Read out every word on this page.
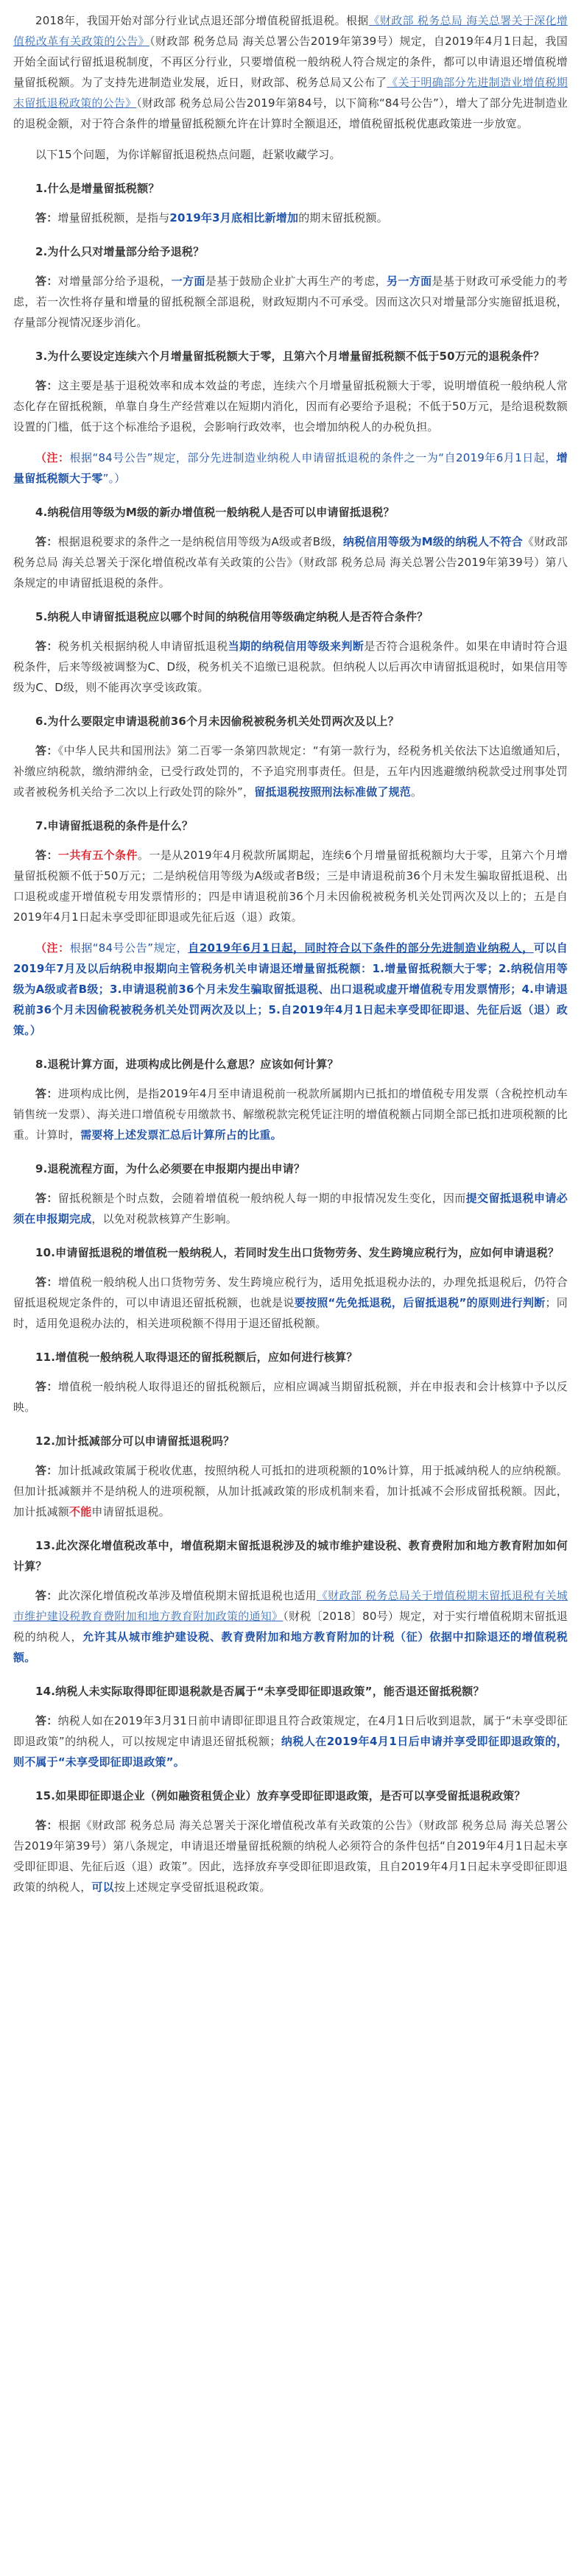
2018年，我国开始对部分行业试点退还部分增值税留抵退税。根据《财政部 税务总局 海关总署关于深化增值税改革有关政策的公告》（财政部 税务总局 海关总署公告2019年第39号）规定，自2019年4月1日起，我国开始全面试行留抵退税制度，不再区分行业，只要增值税一般纳税人符合规定的条件，都可以申请退还增值税增量留抵税额。为了支持先进制造业发展，近日，财政部、税务总局又公布了《关于明确部分先进制造业增值税期末留抵退税政策的公告》（财政部 税务总局公告2019年第84号，以下简称“84号公告”），增大了部分先进制造业的退税金额，对于符合条件的增量留抵税额允许在计算时全额退还，增值税留抵税优惠政策进一步放宽。

以下15个问题，为你详解留抵退税热点问题，赶紧收藏学习。

1.什么是增量留抵税额？

答：增量留抵税额，是指与2019年3月底相比新增加的期末留抵税额。

2.为什么只对增量部分给予退税？

答：对增量部分给予退税，一方面是基于鼓励企业扩大再生产的考虑，另一方面是基于财政可承受能力的考虑，若一次性将存量和增量的留抵税额全部退税，财政短期内不可承受。因而这次只对增量部分实施留抵退税，存量部分视情况逐步消化。

3.为什么要设定连续六个月增量留抵税额大于零，且第六个月增量留抵税额不低于50万元的退税条件？

答：这主要是基于退税效率和成本效益的考虑，连续六个月增量留抵税额大于零，说明增值税一般纳税人常态化存在留抵税额，单靠自身生产经营难以在短期内消化，因而有必要给予退税；不低于50万元，是给退税数额设置的门槛，低于这个标准给予退税，会影响行政效率，也会增加纳税人的办税负担。

（注：根据“84号公告”规定，部分先进制造业纳税人申请留抵退税的条件之一为“自2019年6月1日起，增量留抵税额大于零”。）

4.纳税信用等级为M级的新办增值税一般纳税人是否可以申请留抵退税？

答：根据退税要求的条件之一是纳税信用等级为A级或者B级，纳税信用等级为M级的纳税人不符合《财政部 税务总局 海关总署关于深化增值税改革有关政策的公告》（财政部 税务总局 海关总署公告2019年第39号）第八条规定的申请留抵退税的条件。

5.纳税人申请留抵退税应以哪个时间的纳税信用等级确定纳税人是否符合条件？

答：税务机关根据纳税人申请留抵退税当期的纳税信用等级来判断是否符合退税条件。如果在申请时符合退税条件，后来等级被调整为C、D级，税务机关不追缴已退税款。但纳税人以后再次申请留抵退税时，如果信用等级为C、D级，则不能再次享受该政策。

6.为什么要限定申请退税前36个月未因偷税被税务机关处罚两次及以上？

答：《中华人民共和国刑法》第二百零一条第四款规定：“有第一款行为，经税务机关依法下达追缴通知后，补缴应纳税款，缴纳滞纳金，已受行政处罚的，不予追究刑事责任。但是，五年内因逃避缴纳税款受过刑事处罚或者被税务机关给予二次以上行政处罚的除外”，留抵退税按照刑法标准做了规范。

7.申请留抵退税的条件是什么？

答：一共有五个条件。一是从2019年4月税款所属期起，连续6个月增量留抵税额均大于零，且第六个月增量留抵税额不低于50万元；二是纳税信用等级为A级或者B级；三是申请退税前36个月未发生骗取留抵退税、出口退税或虚开增值税专用发票情形的；四是申请退税前36个月未因偷税被税务机关处罚两次及以上的；五是自2019年4月1日起未享受即征即退或先征后返（退）政策。

（注：根据“84号公告”规定，自2019年6月1日起，同时符合以下条件的部分先进制造业纳税人，可以自2019年7月及以后纳税申报期向主管税务机关申请退还增量留抵税额：1.增量留抵税额大于零；2.纳税信用等级为A级或者B级；3.申请退税前36个月未发生骗取留抵退税、出口退税或虚开增值税专用发票情形；4.申请退税前36个月未因偷税被税务机关处罚两次及以上；5.自2019年4月1日起未享受即征即退、先征后返（退）政策。）

8.退税计算方面，进项构成比例是什么意思？应该如何计算？

答：进项构成比例，是指2019年4月至申请退税前一税款所属期内已抵扣的增值税专用发票（含税控机动车销售统一发票）、海关进口增值税专用缴款书、解缴税款完税凭证注明的增值税额占同期全部已抵扣进项税额的比重。计算时，需要将上述发票汇总后计算所占的比重。

9.退税流程方面，为什么必须要在申报期内提出申请？

答：留抵税额是个时点数，会随着增值税一般纳税人每一期的申报情况发生变化，因而提交留抵退税申请必须在申报期完成，以免对税款核算产生影响。

10.申请留抵退税的增值税一般纳税人，若同时发生出口货物劳务、发生跨境应税行为，应如何申请退税？

答：增值税一般纳税人出口货物劳务、发生跨境应税行为，适用免抵退税办法的，办理免抵退税后，仍符合留抵退税规定条件的，可以申请退还留抵税额，也就是说要按照“先免抵退税，后留抵退税”的原则进行判断；同时，适用免退税办法的，相关进项税额不得用于退还留抵税额。

11.增值税一般纳税人取得退还的留抵税额后，应如何进行核算？

答：增值税一般纳税人取得退还的留抵税额后，应相应调减当期留抵税额，并在申报表和会计核算中予以反映。

12.加计抵减部分可以申请留抵退税吗？

答：加计抵减政策属于税收优惠，按照纳税人可抵扣的进项税额的10%计算，用于抵减纳税人的应纳税额。但加计抵减额并不是纳税人的进项税额，从加计抵减政策的形成机制来看，加计抵减不会形成留抵税额。因此，加计抵减额不能申请留抵退税。

13.此次深化增值税改革中，增值税期末留抵退税涉及的城市维护建设税、教育费附加和地方教育附加如何计算？

答：此次深化增值税改革涉及增值税期末留抵退税也适用《财政部 税务总局关于增值税期末留抵退税有关城市维护建设税教育费附加和地方教育附加政策的通知》（财税〔2018〕80号）规定，对于实行增值税期末留抵退税的纳税人，允许其从城市维护建设税、教育费附加和地方教育附加的计税（征）依据中扣除退还的增值税税额。

14.纳税人未实际取得即征即退税款是否属于“未享受即征即退政策”，能否退还留抵税额？

答：纳税人如在2019年3月31日前申请即征即退且符合政策规定，在4月1日后收到退款，属于“未享受即征即退政策”的纳税人，可以按规定申请退还留抵税额；纳税人在2019年4月1日后申请并享受即征即退政策的，则不属于“未享受即征即退政策”。

15.如果即征即退企业（例如融资租赁企业）放弃享受即征即退政策，是否可以享受留抵退税政策？

答：根据《财政部 税务总局 海关总署关于深化增值税改革有关政策的公告》（财政部 税务总局 海关总署公告2019年第39号）第八条规定，申请退还增量留抵税额的纳税人必须符合的条件包括“自2019年4月1日起未享受即征即退、先征后返（退）政策”。因此，选择放弃享受即征即退政策，且自2019年4月1日起未享受即征即退政策的纳税人，可以按上述规定享受留抵退税政策。
